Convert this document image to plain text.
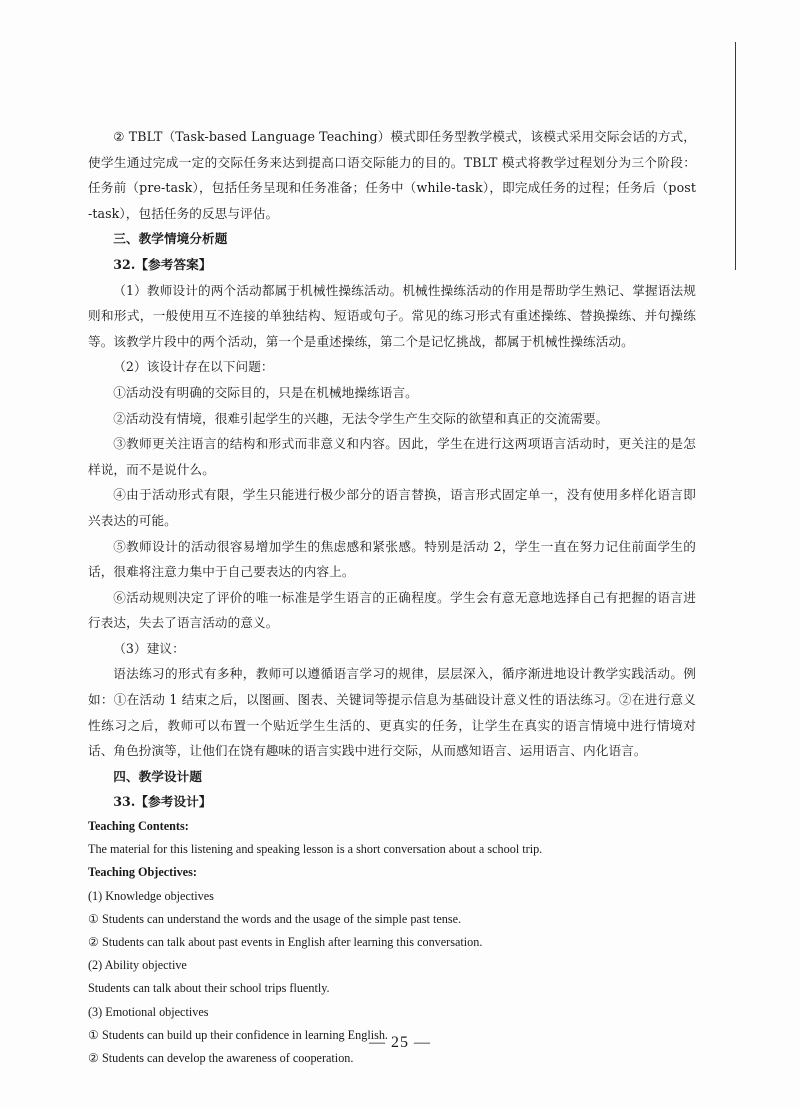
② TBLT（Task-based Language Teaching）模式即任务型教学模式，该模式采用交际会话的方式，使学生通过完成一定的交际任务来达到提高口语交际能力的目的。TBLT 模式将教学过程划分为三个阶段：任务前（pre-task），包括任务呈现和任务准备；任务中（while-task），即完成任务的过程；任务后（post-task），包括任务的反思与评估。

三、教学情境分析题

32.【参考答案】

（1）教师设计的两个活动都属于机械性操练活动。机械性操练活动的作用是帮助学生熟记、掌握语法规则和形式，一般使用互不连接的单独结构、短语或句子。常见的练习形式有重述操练、替换操练、并句操练等。该教学片段中的两个活动，第一个是重述操练，第二个是记忆挑战，都属于机械性操练活动。

（2）该设计存在以下问题：

①活动没有明确的交际目的，只是在机械地操练语言。

②活动没有情境，很难引起学生的兴趣，无法令学生产生交际的欲望和真正的交流需要。

③教师更关注语言的结构和形式而非意义和内容。因此，学生在进行这两项语言活动时，更关注的是怎样说，而不是说什么。

④由于活动形式有限，学生只能进行极少部分的语言替换，语言形式固定单一，没有使用多样化语言即兴表达的可能。

⑤教师设计的活动很容易增加学生的焦虑感和紧张感。特别是活动 2，学生一直在努力记住前面学生的话，很难将注意力集中于自己要表达的内容上。

⑥活动规则决定了评价的唯一标准是学生语言的正确程度。学生会有意无意地选择自己有把握的语言进行表达，失去了语言活动的意义。

（3）建议：

语法练习的形式有多种，教师可以遵循语言学习的规律，层层深入，循序渐进地设计教学实践活动。例如：①在活动 1 结束之后，以图画、图表、关键词等提示信息为基础设计意义性的语法练习。②在进行意义性练习之后，教师可以布置一个贴近学生生活的、更真实的任务，让学生在真实的语言情境中进行情境对话、角色扮演等，让他们在饶有趣味的语言实践中进行交际，从而感知语言、运用语言、内化语言。

四、教学设计题

33.【参考设计】

Teaching Contents:

The material for this listening and speaking lesson is a short conversation about a school trip.

Teaching Objectives:

(1) Knowledge objectives

① Students can understand the words and the usage of the simple past tense.

② Students can talk about past events in English after learning this conversation.

(2) Ability objective

Students can talk about their school trips fluently.

(3) Emotional objectives

① Students can build up their confidence in learning English.

② Students can develop the awareness of cooperation.

— 25 —
